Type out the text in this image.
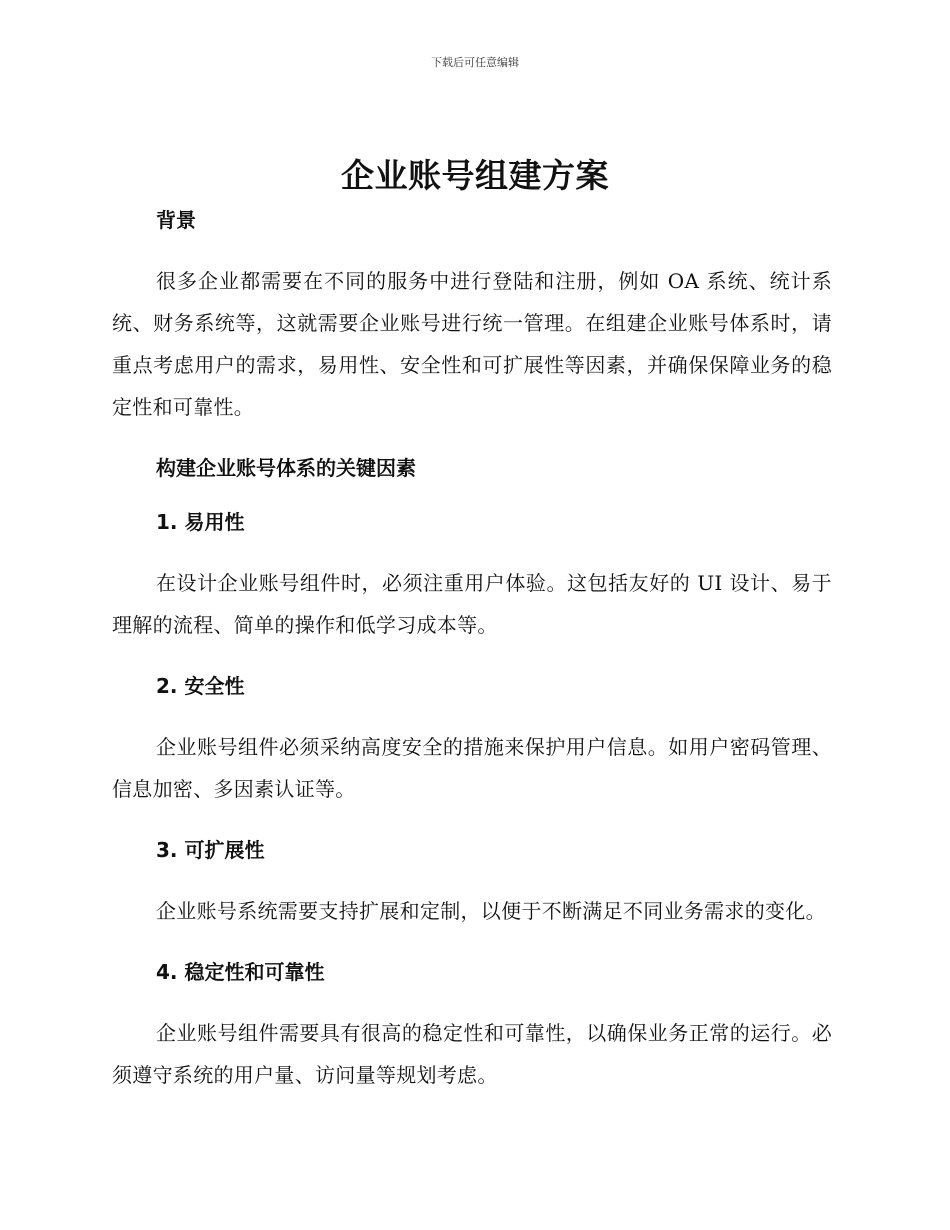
下载后可任意编辑
企业账号组建方案
背景

很多企业都需要在不同的服务中进行登陆和注册，例如 OA 系统、统计系统、财务系统等，这就需要企业账号进行统一管理。在组建企业账号体系时，请重点考虑用户的需求，易用性、安全性和可扩展性等因素，并确保保障业务的稳定性和可靠性。

构建企业账号体系的关键因素
1. 易用性

在设计企业账号组件时，必须注重用户体验。这包括友好的 UI 设计、易于理解的流程、简单的操作和低学习成本等。

2. 安全性

企业账号组件必须采纳高度安全的措施来保护用户信息。如用户密码管理、信息加密、多因素认证等。

3. 可扩展性

企业账号系统需要支持扩展和定制，以便于不断满足不同业务需求的变化。

4. 稳定性和可靠性

企业账号组件需要具有很高的稳定性和可靠性，以确保业务正常的运行。必须遵守系统的用户量、访问量等规划考虑。
